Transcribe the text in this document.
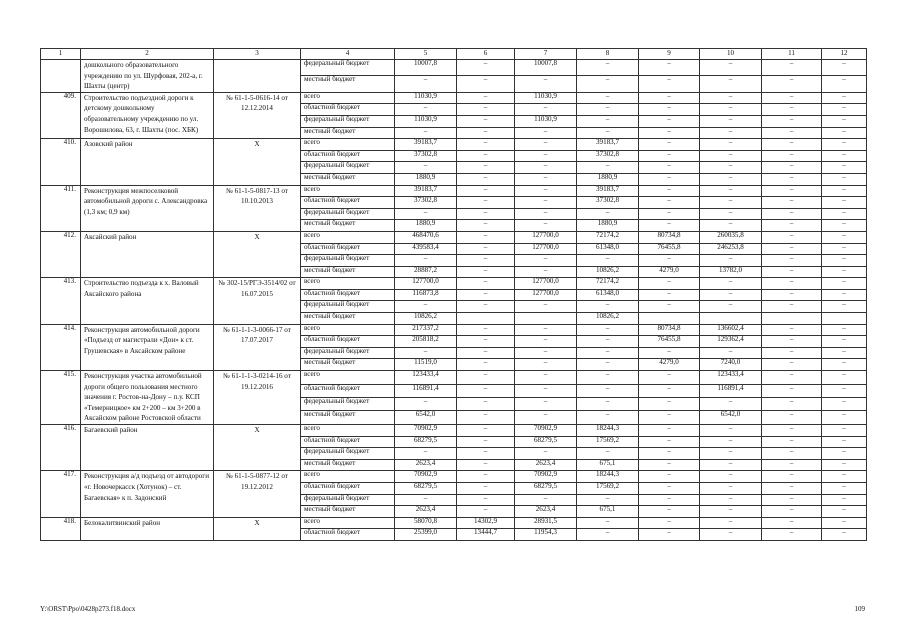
1	2	3	4	5	6	7	8	9	10	11	12
	дошкольного образовательного учреждению по ул. Шурфовая, 202-а, г. Шахты (центр)		федеральный бюджет	10007,8	–	10007,8	–	–	–	–	–
			местный бюджет	–	–	–	–	–	–	–	–
409.	Строительство подъездной дороги к детскому дошкольному образовательному учреждению по ул. Ворошилова, 63, г. Шахты (пос. ХБК)	№ 61-1-5-0616-14 от 12.12.2014	всего	11030,9	–	11030,9	–	–	–	–	–
			областной бюджет	–	–	–	–	–	–	–	–
			федеральный бюджет	11030,9	–	11030,9	–	–	–	–	–
			местный бюджет	–	–	–	–	–	–	–	–
410.	Азовский район	Х	всего	39183,7	–	–	39183,7	–	–	–	–
			областной бюджет	37302,8	–	–	37302,8	–	–	–	–
			федеральный бюджет	–	–	–	–	–	–	–	–
			местный бюджет	1880,9	–	–	1880,9	–	–	–	–
411.	Реконструкция межпоселковой автомобильной дороги с. Александровка (1,3 км; 0,9 км)	№ 61-1-5-0817-13 от 10.10.2013	всего	39183,7	–	–	39183,7	–	–	–	–
			областной бюджет	37302,8	–	–	37302,8	–	–	–	–
			федеральный бюджет	–	–	–	–	–	–	–	–
			местный бюджет	1880,9	–	–	1880,9	–	–	–	–
412.	Аксайский район	Х	всего	468470,6	–	127700,0	72174,2	80734,8	260035,8	–	–
			областной бюджет	439583,4	–	127700,0	61348,0	76455,8	246253,8	–	–
			федеральный бюджет	–	–	–	–	–	–	–	–
			местный бюджет	28887,2	–	–	10826,2	4279,0	13782,0	–	–
413.	Строительство подъезда к х. Валовый Аксайского района	№ 302-15/РГЭ-3514/02 от 16.07.2015	всего	127700,0	–	127700,0	72174,2	–	–	–	–
			областной бюджет	116873,8	–	127700,0	61348,0	–	–	–	–
			федеральный бюджет	–	–	–	–	–	–	–	–
			местный бюджет	10826,2			10826,2				
414.	Реконструкция автомобильной дороги «Подъезд от магистрали «Дон» к ст. Грушевская» в Аксайском районе	№ 61-1-1-3-0066-17 от 17.07.2017	всего	217337,2	–	–	–	80734,8	136602,4	–	–
			областной бюджет	205818,2	–	–	–	76455,8	129362,4	–	–
			федеральный бюджет	–	–	–	–	–	–	–	–
			местный бюджет	11519,0	–	–	–	4279,0	7240,0	–	–
415.	Реконструкция участка автомобильной дороги общего пользования местного значения г. Ростов-на-Дону – п.у. КСП «Темерницкое» км 2+200 – км 3+200 в Аксайском районе Ростовской области	№ 61-1-1-3-0214-16 от 19.12.2016	всего	123433,4	–	–	–	–	123433,4	–	–
			областной бюджет	116891,4	–	–	–	–	116891,4	–	–
			федеральный бюджет	–	–	–	–	–	–	–	–
			местный бюджет	6542,0	–	–	–	–	6542,0	–	–
416.	Багаевский район	Х	всего	70902,9	–	70902,9	18244,3	–	–	–	–
			областной бюджет	68279,5	–	68279,5	17569,2	–	–	–	–
			федеральный бюджет	–	–	–	–	–	–	–	–
			местный бюджет	2623,4	–	2623,4	675,1	–	–	–	–
417.	Реконструкция а/д подъезд от автодороги «г. Новочеркасск (Хотунок) – ст. Багаевская» к п. Задонский	№ 61-1-5-0877-12 от 19.12.2012	всего	70902,9	–	70902,9	18244,3	–	–	–	–
			областной бюджет	68279,5	–	68279,5	17569,2	–	–	–	–
			федеральный бюджет	–	–	–	–	–	–	–	–
			местный бюджет	2623,4	–	2623,4	675,1	–	–	–	–
418.	Белокалитвинский район	Х	всего	58070,8	14302,9	28931,5	–	–	–	–	–
			областной бюджет	25399,0	13444,7	11954,3	–	–	–	–	–
Y:\ORST\Ppo\0428p273.f18.docx	109
